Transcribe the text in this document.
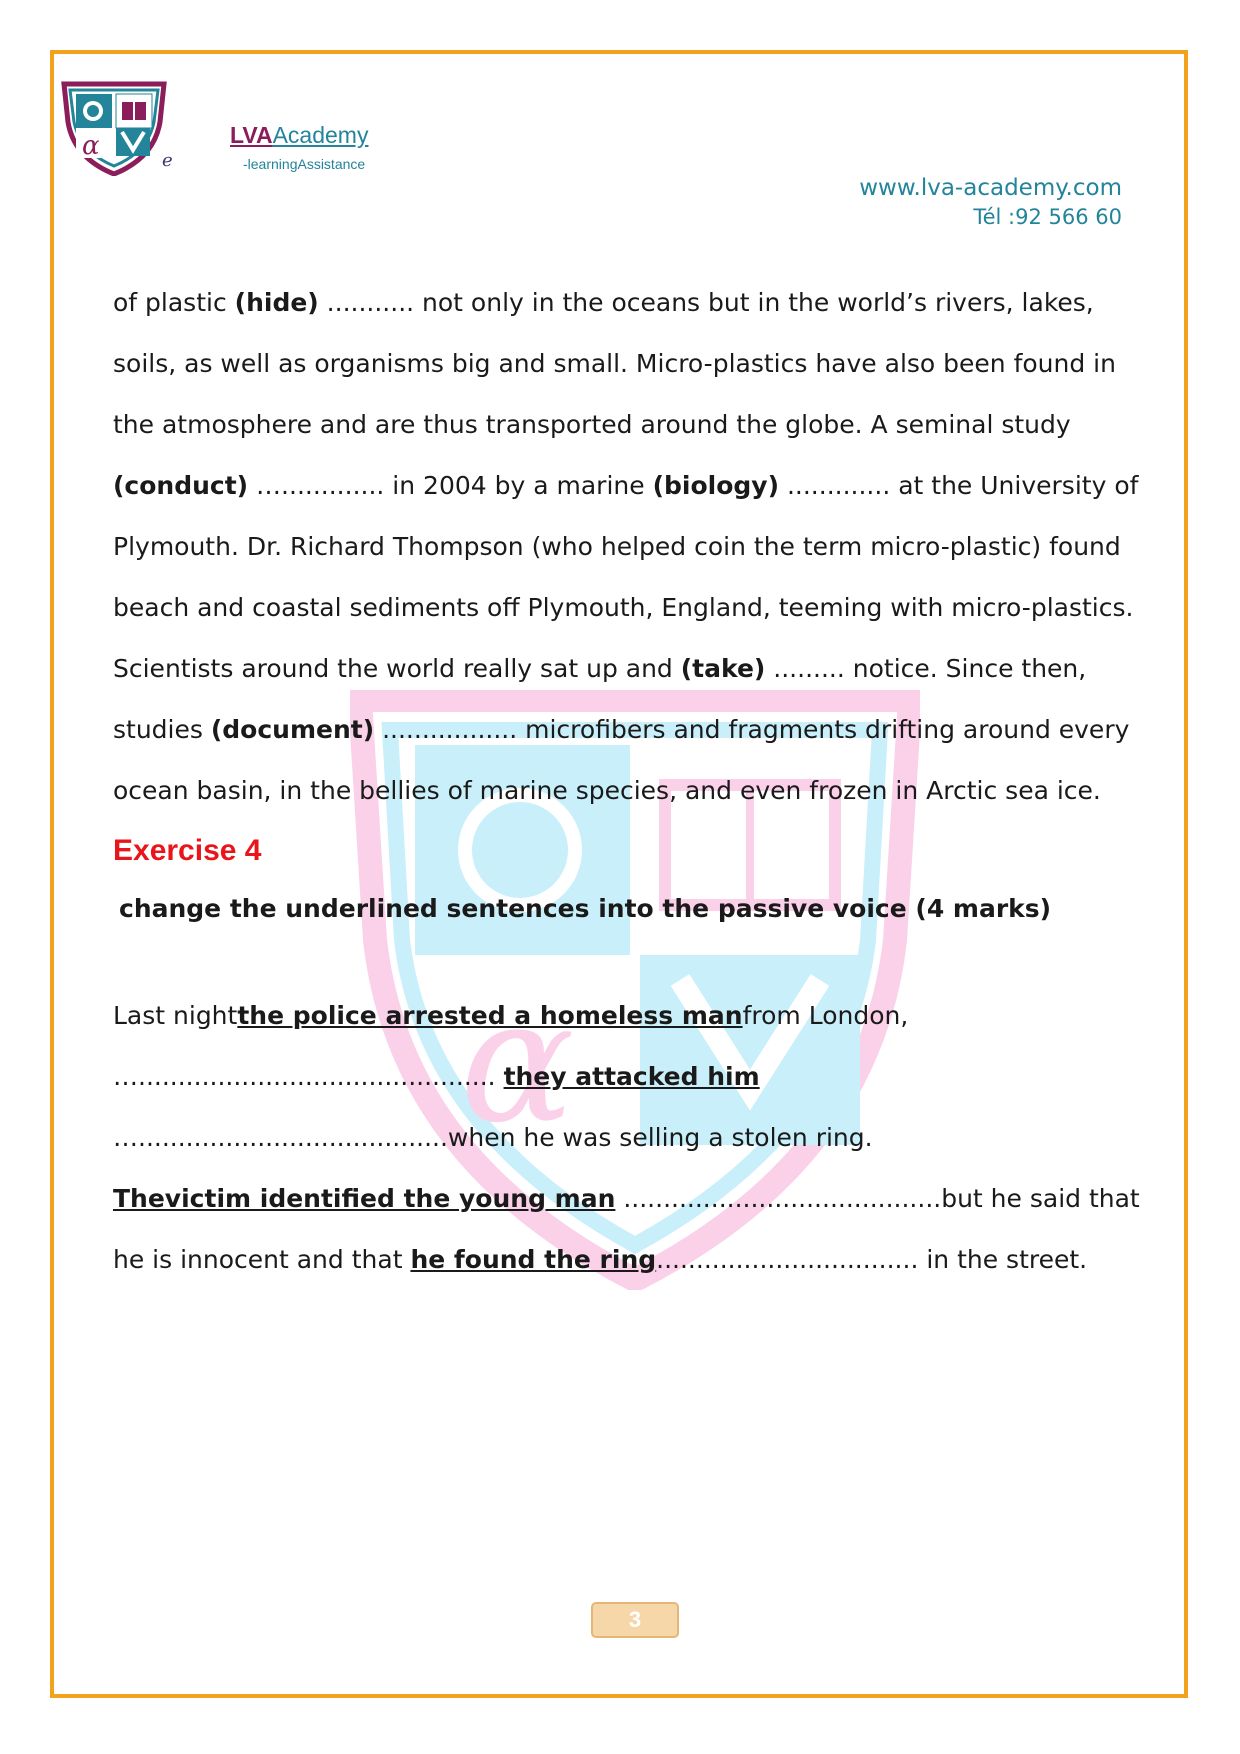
α	e
LVAAcademy
-learningAssistance
www.lva-academy.com
Tél :92 566 60
α

of plastic (hide) ........... not only in the oceans but in the world’s rivers, lakes, soils, as well as organisms big and small. Micro-plastics have also been found in the atmosphere and are thus transported around the globe. A seminal study (conduct) …............. in 2004 by a marine (biology) ............. at the University of Plymouth. Dr. Richard Thompson (who helped coin the term micro-plastic) found beach and coastal sediments off Plymouth, England, teeming with micro-plastics. Scientists around the world really sat up and (take) ......... notice. Since then, studies (document) ................. microfibers and fragments drifting around every ocean basin, in the bellies of marine species, and even frozen in Arctic sea ice.

Exercise 4
change the underlined sentences into the passive voice (4 marks)

Last nightthe police arrested a homeless manfrom London,
…............................................. they attacked him
….......................................when he was selling a stolen ring.
Thevictim identified the young man ........................................but he said that he is innocent and that he found the ring................................. in the street.

3
